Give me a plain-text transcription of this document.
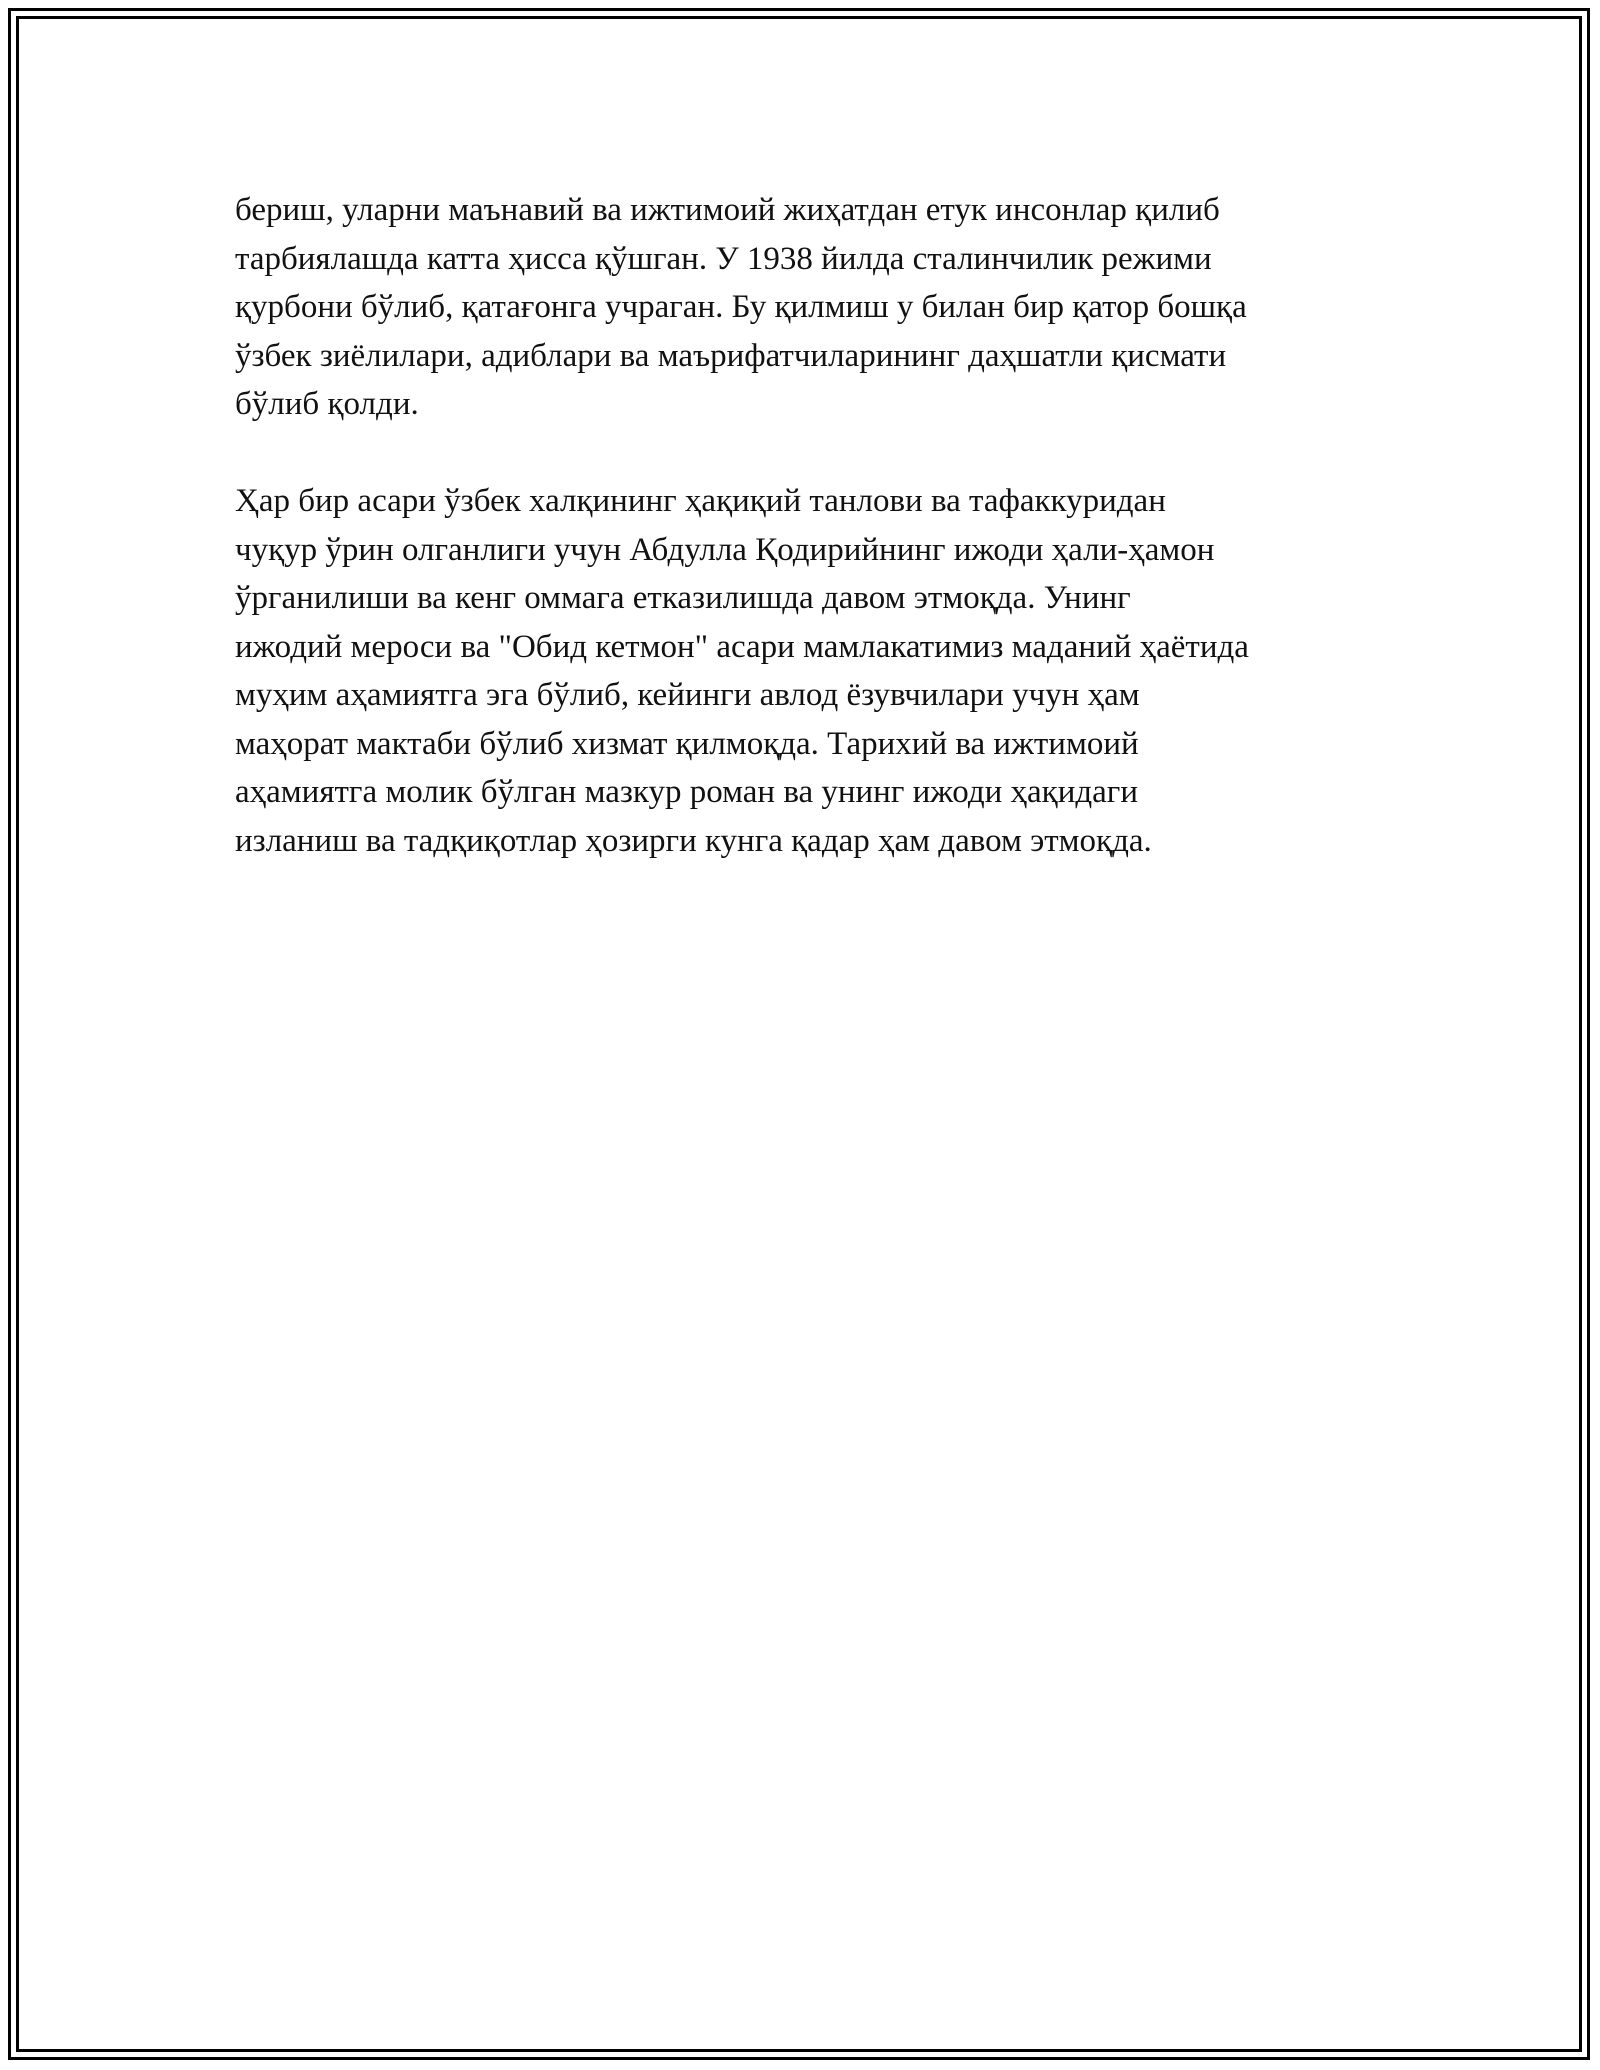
бериш, уларни маънавий ва ижтимоий жиҳатдан етук инсонлар қилиб
тарбиялашда катта ҳисса қўшган. У 1938 йилда сталинчилик режими
қурбони бўлиб, қатағонга учраган. Бу қилмиш у билан бир қатор бошқа
ўзбек зиёлилари, адиблари ва маърифатчиларининг даҳшатли қисмати
бўлиб қолди.

Ҳар бир асари ўзбек халқининг ҳақиқий танлови ва тафаккуридан
чуқур ўрин олганлиги учун Абдулла Қодирийнинг ижоди ҳали-ҳамон
ўрганилиши ва кенг оммага етказилишда давом этмоқда. Унинг
ижодий мероси ва "Обид кетмон" асари мамлакатимиз маданий ҳаётида
муҳим аҳамиятга эга бўлиб, кейинги авлод ёзувчилари учун ҳам
маҳорат мактаби бўлиб хизмат қилмоқда. Тарихий ва ижтимоий
аҳамиятга молик бўлган мазкур роман ва унинг ижоди ҳақидаги
изланиш ва тадқиқотлар ҳозирги кунга қадар ҳам давом этмоқда.
